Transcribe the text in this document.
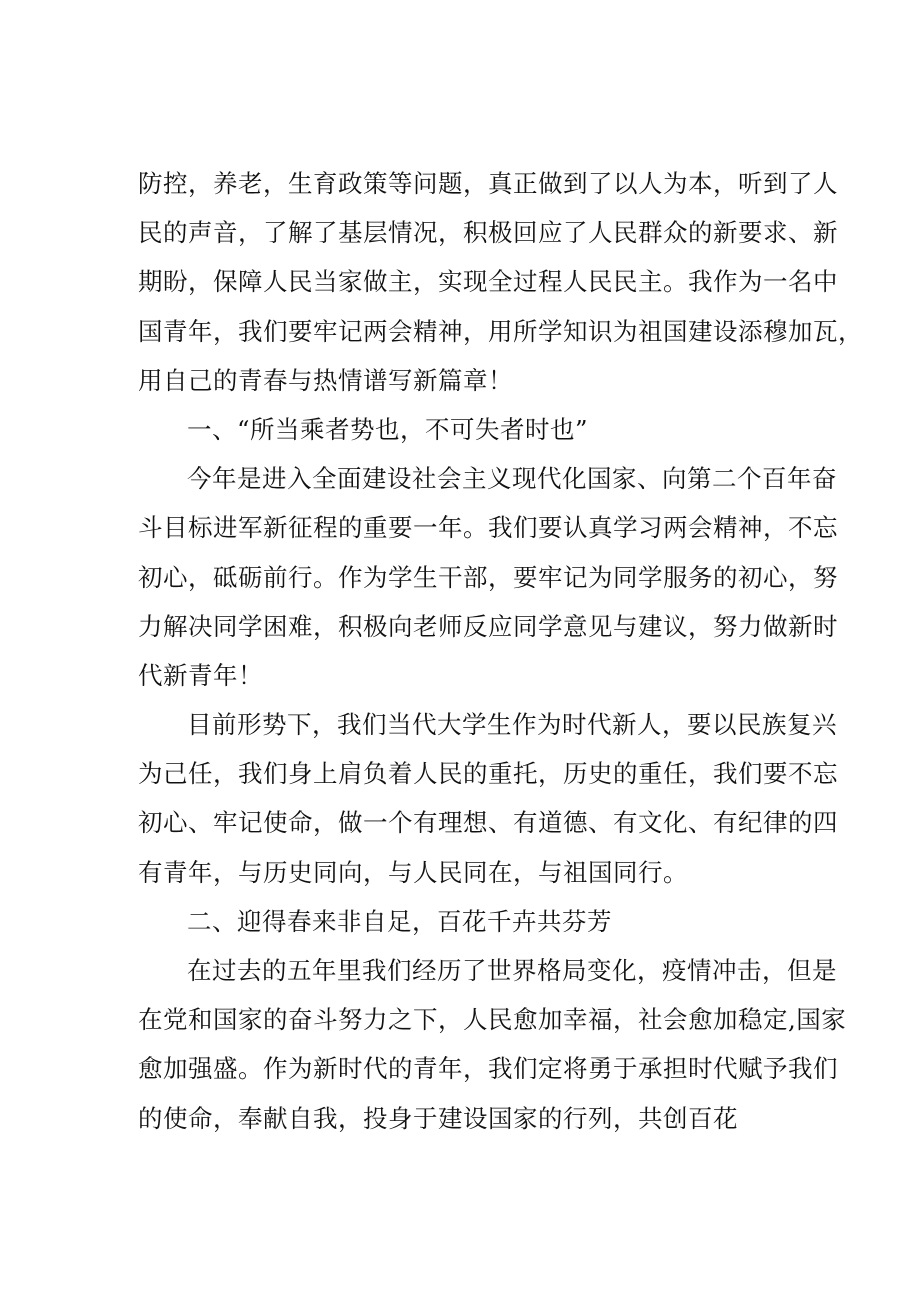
防控，养老，生育政策等问题，真正做到了以人为本，听到了人
民的声音，了解了基层情况，积极回应了人民群众的新要求、新
期盼，保障人民当家做主，实现全过程人民民主。我作为一名中
国青年，我们要牢记两会精神，用所学知识为祖国建设添穆加瓦，
用自己的青春与热情谱写新篇章！
一、“所当乘者势也，不可失者时也”
今年是进入全面建设社会主义现代化国家、向第二个百年奋
斗目标进军新征程的重要一年。我们要认真学习两会精神，不忘
初心，砥砺前行。作为学生干部，要牢记为同学服务的初心，努
力解决同学困难，积极向老师反应同学意见与建议，努力做新时
代新青年！
目前形势下，我们当代大学生作为时代新人，要以民族复兴
为己任，我们身上肩负着人民的重托，历史的重任，我们要不忘
初心、牢记使命，做一个有理想、有道德、有文化、有纪律的四
有青年，与历史同向，与人民同在，与祖国同行。
二、迎得春来非自足，百花千卉共芬芳
在过去的五年里我们经历了世界格局变化，疫情冲击，但是
在党和国家的奋斗努力之下，人民愈加幸福，社会愈加稳定,国家
愈加强盛。作为新时代的青年，我们定将勇于承担时代赋予我们
的使命，奉献自我，投身于建设国家的行列，共创百花
